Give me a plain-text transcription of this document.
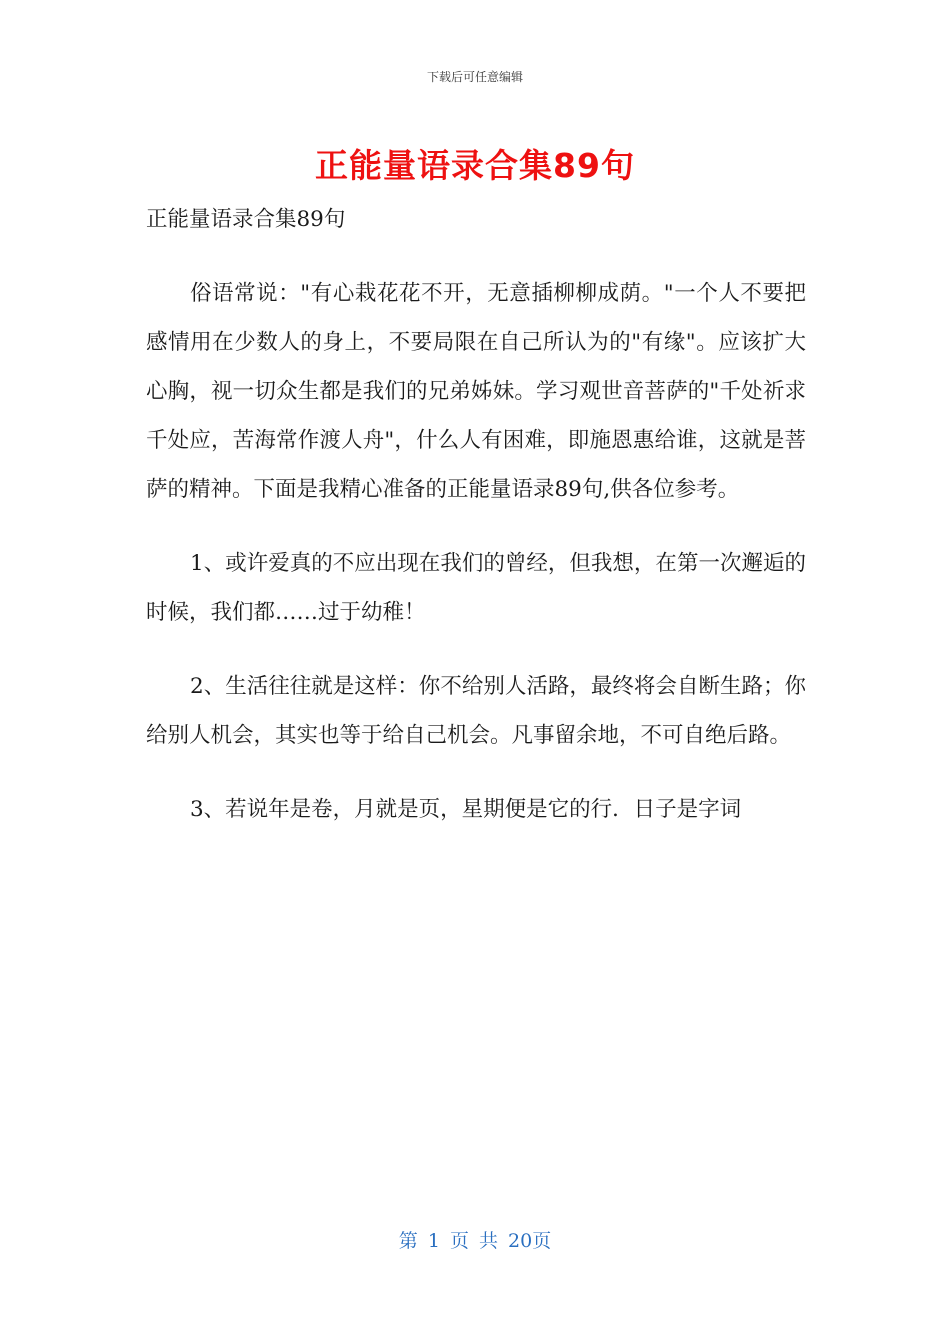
下载后可任意编辑
正能量语录合集89句

正能量语录合集89句

俗语常说："有心栽花花不开，无意插柳柳成荫。"一个人不要把感情用在少数人的身上，不要局限在自己所认为的"有缘"。应该扩大心胸，视一切众生都是我们的兄弟姊妹。学习观世音菩萨的"千处祈求千处应，苦海常作渡人舟"，什么人有困难，即施恩惠给谁，这就是菩萨的精神。下面是我精心准备的正能量语录89句,供各位参考。

1、或许爱真的不应出现在我们的曾经，但我想，在第一次邂逅的时候，我们都……过于幼稚！

2、生活往往就是这样：你不给别人活路，最终将会自断生路；你给别人机会，其实也等于给自己机会。凡事留余地，不可自绝后路。

3、若说年是卷，月就是页，星期便是它的行．日子是字词

第 1 页 共 20页
